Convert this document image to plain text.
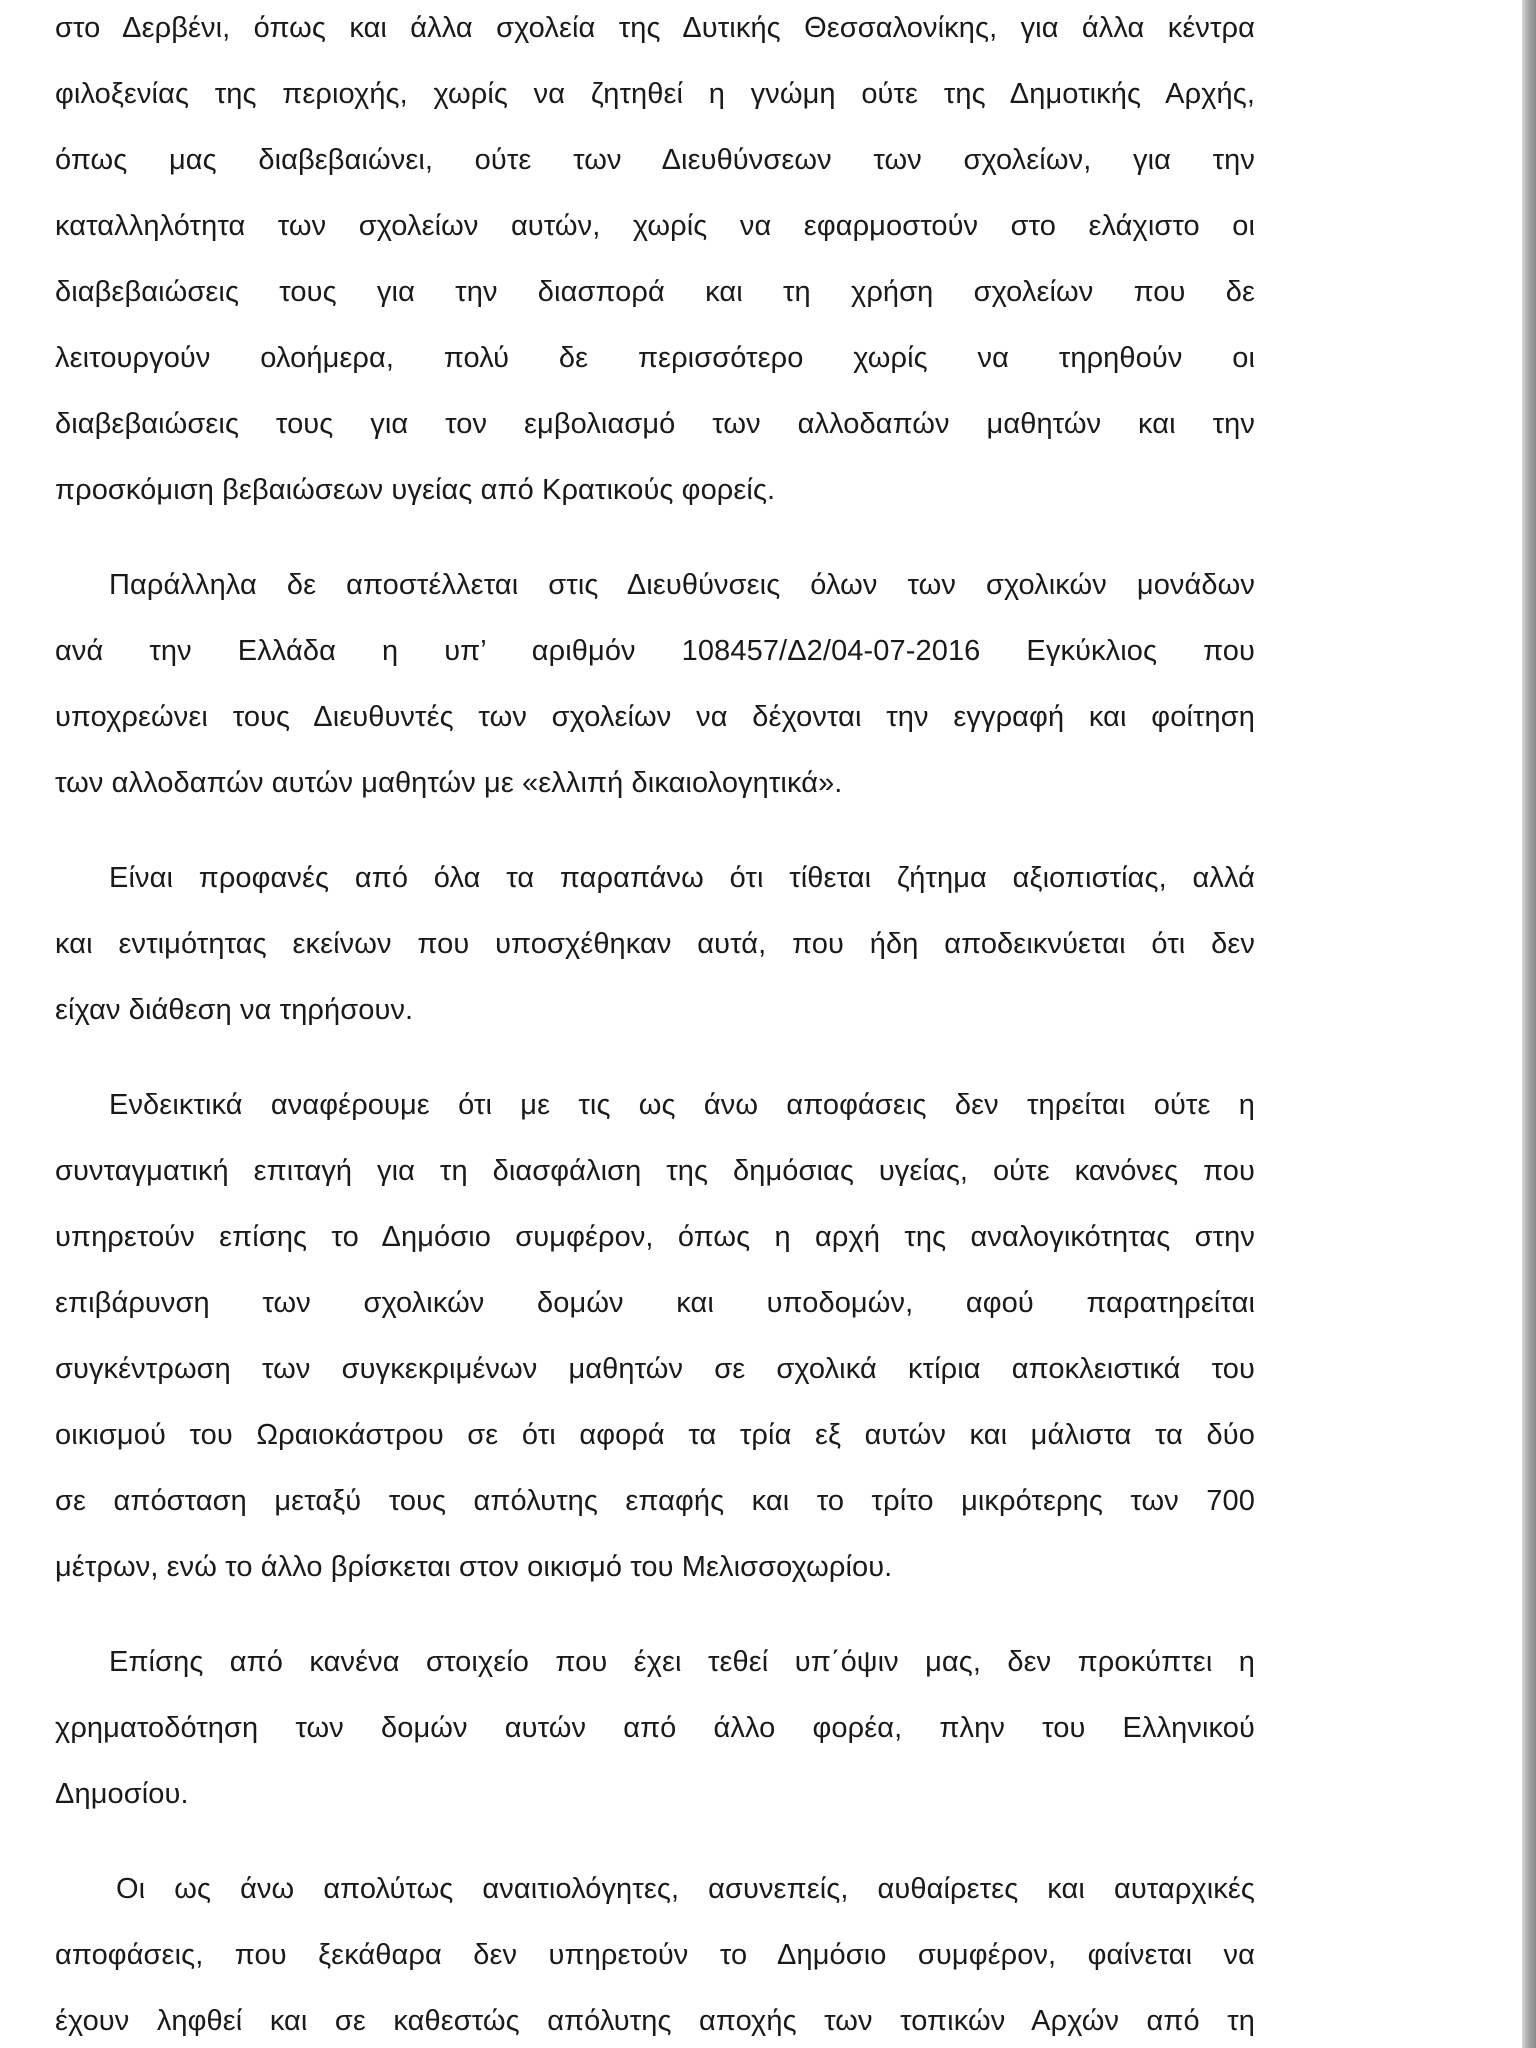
στο Δερβένι, όπως και άλλα σχολεία της Δυτικής Θεσσαλονίκης, για άλλα κέντρα
φιλοξενίας της περιοχής, χωρίς να ζητηθεί η γνώμη ούτε της Δημοτικής Αρχής,
όπως μας διαβεβαιώνει, ούτε των Διευθύνσεων των σχολείων, για την
καταλληλότητα των σχολείων αυτών, χωρίς να εφαρμοστούν στο ελάχιστο οι
διαβεβαιώσεις τους για την διασπορά και τη χρήση σχολείων που δε
λειτουργούν ολοήμερα, πολύ δε περισσότερο χωρίς να τηρηθούν οι
διαβεβαιώσεις τους για τον εμβολιασμό των αλλοδαπών μαθητών και την
προσκόμιση βεβαιώσεων υγείας από Κρατικούς φορείς.
Παράλληλα δε αποστέλλεται στις Διευθύνσεις όλων των σχολικών μονάδων
ανά την Ελλάδα η υπ’ αριθμόν 108457/Δ2/04-07-2016 Εγκύκλιος που
υποχρεώνει τους Διευθυντές των σχολείων να δέχονται την εγγραφή και φοίτηση
των αλλοδαπών αυτών μαθητών με «ελλιπή δικαιολογητικά».
Είναι προφανές από όλα τα παραπάνω ότι τίθεται ζήτημα αξιοπιστίας, αλλά
και εντιμότητας εκείνων που υποσχέθηκαν αυτά, που ήδη αποδεικνύεται ότι δεν
είχαν διάθεση να τηρήσουν.
Ενδεικτικά αναφέρουμε ότι με τις ως άνω αποφάσεις δεν τηρείται ούτε η
συνταγματική επιταγή για τη διασφάλιση της δημόσιας υγείας, ούτε κανόνες που
υπηρετούν επίσης το Δημόσιο συμφέρον, όπως η αρχή της αναλογικότητας στην
επιβάρυνση των σχολικών δομών και υποδομών, αφού παρατηρείται
συγκέντρωση των συγκεκριμένων μαθητών σε σχολικά κτίρια αποκλειστικά του
οικισμού του Ωραιοκάστρου σε ότι αφορά τα τρία εξ αυτών και μάλιστα τα δύο
σε απόσταση μεταξύ τους απόλυτης επαφής και το τρίτο μικρότερης των 700
μέτρων, ενώ το άλλο βρίσκεται στον οικισμό του Μελισσοχωρίου.
Επίσης από κανένα στοιχείο που έχει τεθεί υπ΄όψιν μας, δεν προκύπτει η
χρηματοδότηση των δομών αυτών από άλλο φορέα, πλην του Ελληνικού
Δημοσίου.
Οι ως άνω απολύτως αναιτιολόγητες, ασυνεπείς, αυθαίρετες και αυταρχικές
αποφάσεις, που ξεκάθαρα δεν υπηρετούν το Δημόσιο συμφέρον, φαίνεται να
έχουν ληφθεί και σε καθεστώς απόλυτης αποχής των τοπικών Αρχών από τη
